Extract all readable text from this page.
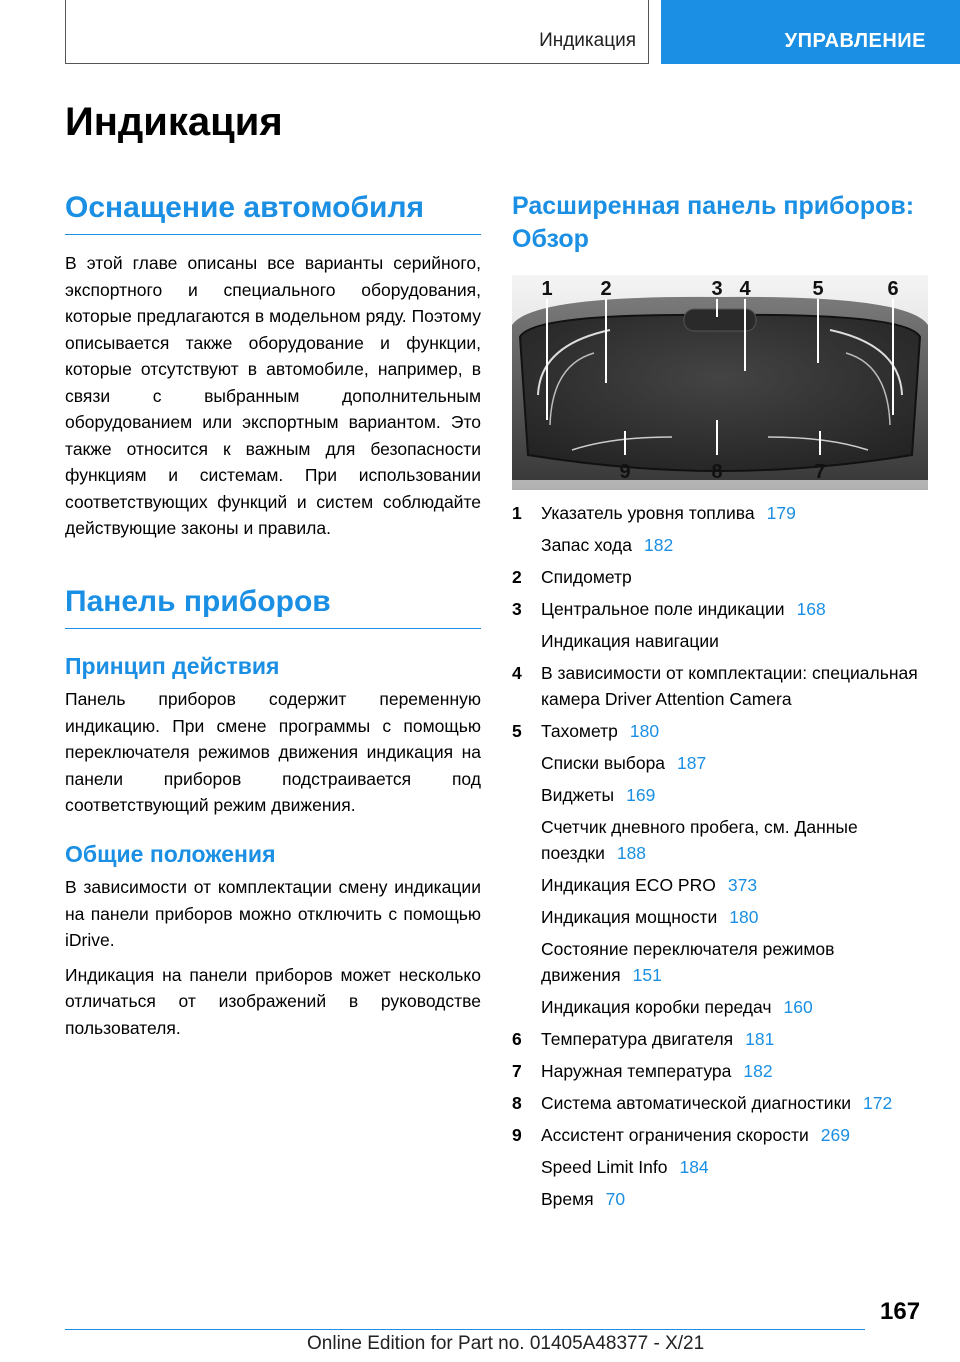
Индикация	УПРАВЛЕНИЕ
Индикация
Оснащение автомобиля

В этой главе описаны все варианты серийного, экспортного и специального оборудования, которые предлагаются в модельном ряду. Поэтому описывается также оборудование и функции, которые отсутствуют в автомобиле, например, в связи с выбранным дополнительным оборудованием или экспортным вариантом. Это также относится к важным для безопасности функциям и системам. При использовании соответствующих функций и систем соблюдайте действующие законы и правила.

Панель приборов
Принцип действия

Панель приборов содержит переменную индикацию. При смене программы с помощью переключателя режимов движения индикация на панели приборов подстраивается под соответствующий режим движения.

Общие положения

В зависимости от комплектации смену индикации на панели приборов можно отключить с помощью iDrive.

Индикация на панели приборов может несколько отличаться от изображений в руководстве пользователя.

Расширенная панель приборов: Обзор
1 2	3 4	5	6
9	8	7
1 Указатель уровня топлива 179
Запас хода 182
2 Спидометр
3 Центральное поле индикации 168
Индикация навигации
4 В зависимости от комплектации: специальная камера Driver Attention Camera
5 Тахометр 180
Списки выбора 187
Виджеты 169
Счетчик дневного пробега, см. Данные поездки 188
Индикация ECO PRO 373
Индикация мощности 180
Состояние переключателя режимов движения 151
Индикация коробки передач 160
6 Температура двигателя 181
7 Наружная температура 182
8 Система автоматической диагностики 172
9 Ассистент ограничения скорости 269
Speed Limit Info 184
Время 70
167
Online Edition for Part no. 01405A48377 - X/21
